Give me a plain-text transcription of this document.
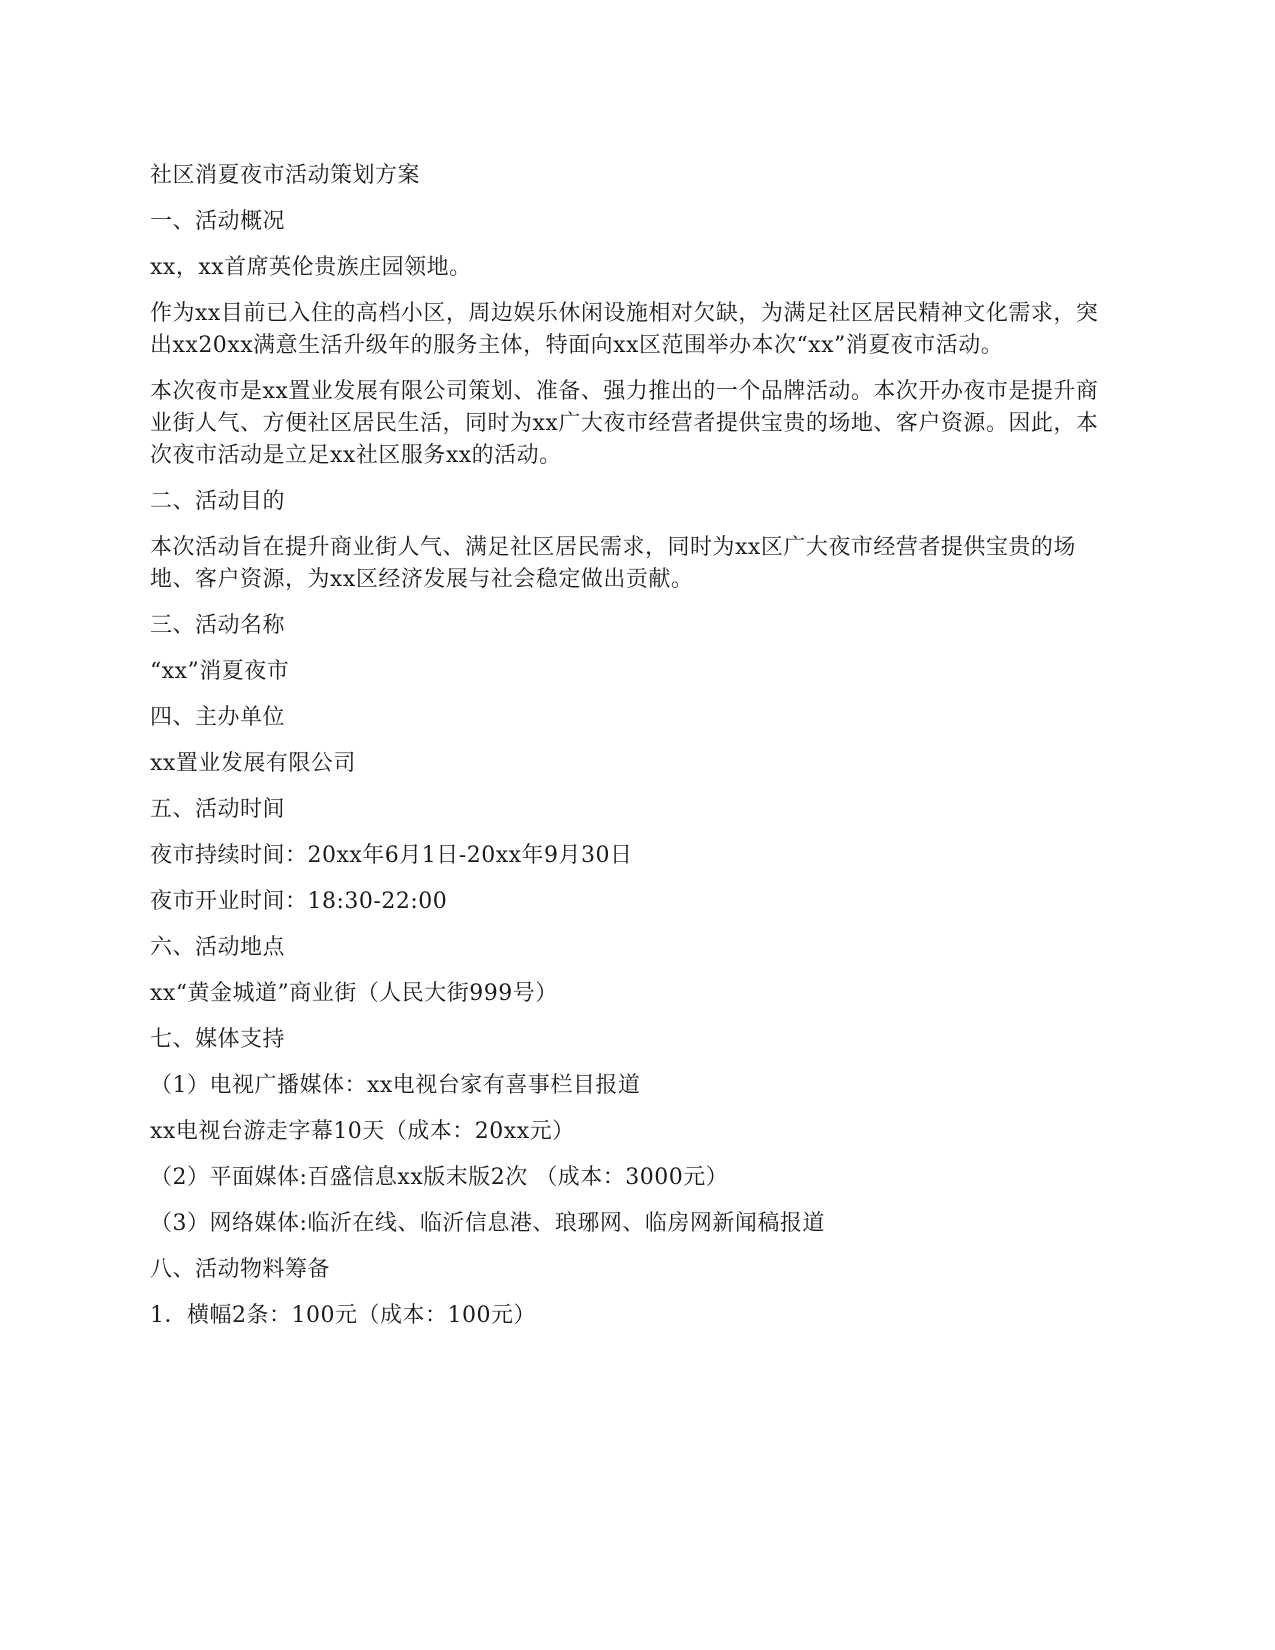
社区消夏夜市活动策划方案

一、活动概况

xx，xx首席英伦贵族庄园领地。

作为xx目前已入住的高档小区，周边娱乐休闲设施相对欠缺，为满足社区居民精神文化需求，突出xx20xx满意生活升级年的服务主体，特面向xx区范围举办本次“xx”消夏夜市活动。

本次夜市是xx置业发展有限公司策划、准备、强力推出的一个品牌活动。本次开办夜市是提升商业街人气、方便社区居民生活，同时为xx广大夜市经营者提供宝贵的场地、客户资源。因此，本次夜市活动是立足xx社区服务xx的活动。

二、活动目的

本次活动旨在提升商业街人气、满足社区居民需求，同时为xx区广大夜市经营者提供宝贵的场地、客户资源，为xx区经济发展与社会稳定做出贡献。

三、活动名称

“xx”消夏夜市

四、主办单位

xx置业发展有限公司

五、活动时间

夜市持续时间：20xx年6月1日-20xx年9月30日

夜市开业时间：18:30-22:00

六、活动地点

xx“黄金城道”商业街（人民大街999号）

七、媒体支持

（1）电视广播媒体：xx电视台家有喜事栏目报道

xx电视台游走字幕10天（成本：20xx元）

（2）平面媒体:百盛信息xx版末版2次 （成本：3000元）

（3）网络媒体:临沂在线、临沂信息港、琅琊网、临房网新闻稿报道

八、活动物料筹备

1．横幅2条：100元（成本：100元）
